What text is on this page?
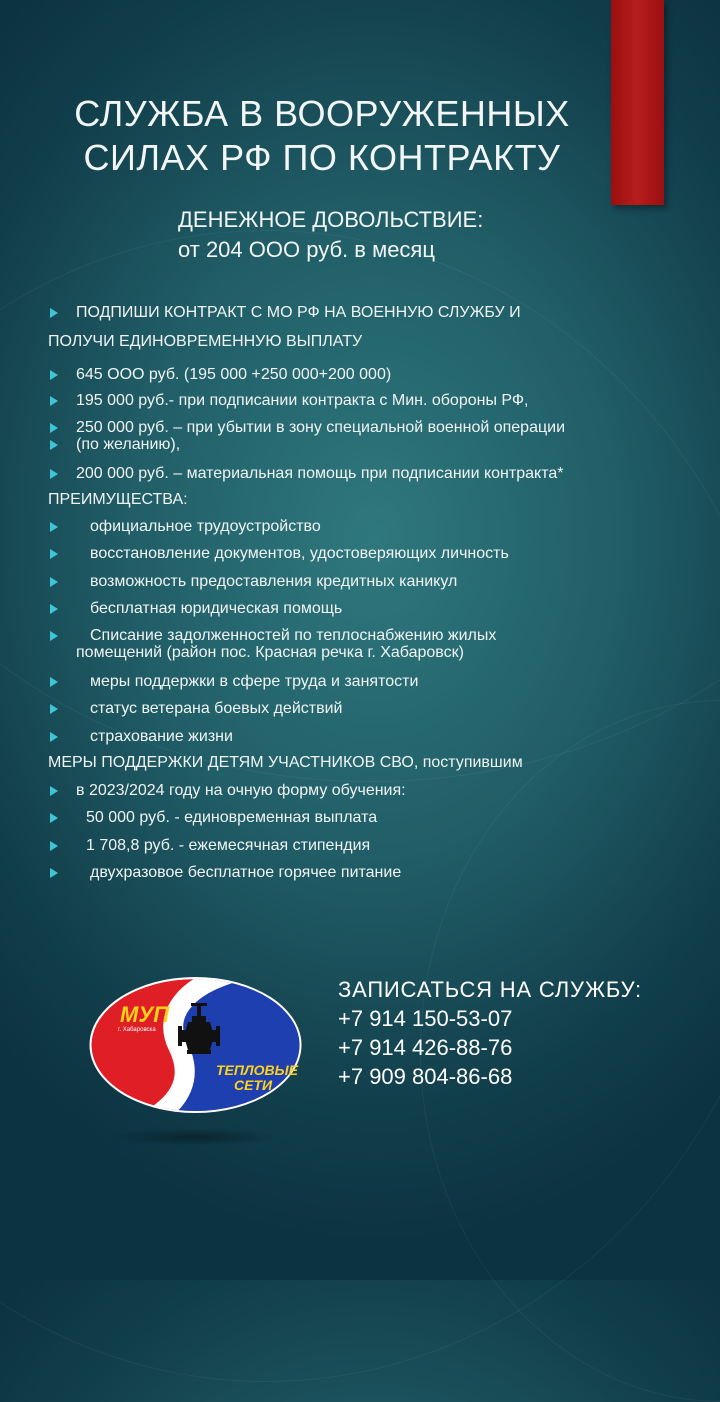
СЛУЖБА В ВООРУЖЕННЫХ
СИЛАХ РФ ПО КОНТРАКТУ
ДЕНЕЖНОЕ ДОВОЛЬСТВИЕ:
от 204 ООО руб. в месяц
ПОДПИШИ КОНТРАКТ С МО РФ НА ВОЕННУЮ СЛУЖБУ И
ПОЛУЧИ ЕДИНОВРЕМЕННУЮ ВЫПЛАТУ
645 ООО руб. (195 000 +250 000+200 000)
195 000 руб.- при подписании контракта с Мин. обороны РФ,
250 000 руб. – при убытии в зону специальной военной операции
(по желанию),
200 000 руб. – материальная помощь при подписании контракта*
ПРЕИМУЩЕСТВА:
официальное трудоустройство
восстановление документов, удостоверяющих личность
возможность предоставления кредитных каникул
бесплатная юридическая помощь
Списание задолженностей по теплоснабжению жилых
помещений (район пос. Красная речка г. Хабаровск)
меры поддержки в сфере труда и занятости
статус ветерана боевых действий
страхование жизни
МЕРЫ ПОДДЕРЖКИ ДЕТЯМ УЧАСТНИКОВ СВО, поступившим
в 2023/2024 году на очную форму обучения:
50 000 руб. - единовременная выплата
1 708,8 руб. - ежемесячная стипендия
двухразовое бесплатное горячее питание
МУП
г. Хабаровска
ТЕПЛОВЫЕ
СЕТИ
ЗАПИСАТЬСЯ НА СЛУЖБУ:
+7 914 150-53-07
+7 914 426-88-76
+7 909 804-86-68
